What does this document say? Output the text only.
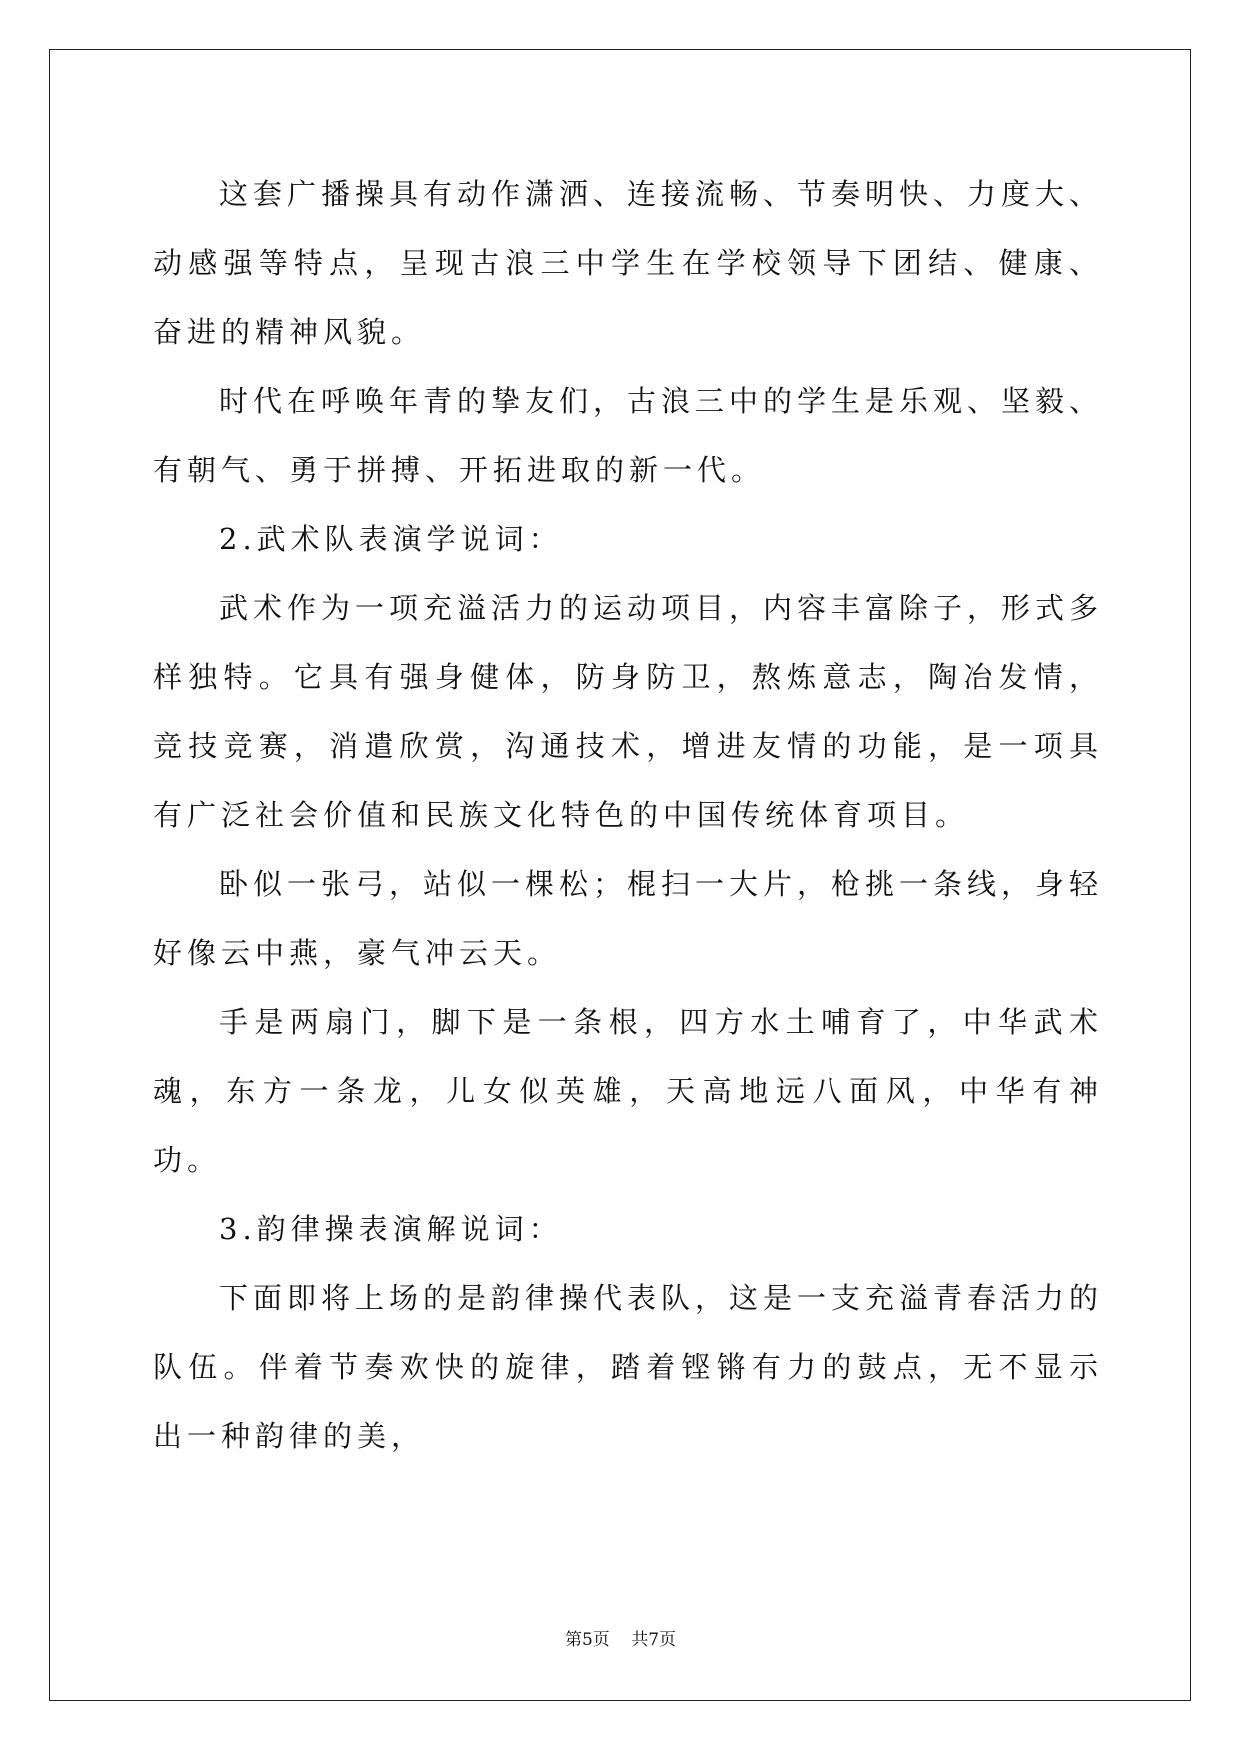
这套广播操具有动作潇洒、连接流畅、节奏明快、力度大、动感强等特点，呈现古浪三中学生在学校领导下团结、健康、奋进的精神风貌。

时代在呼唤年青的挚友们，古浪三中的学生是乐观、坚毅、有朝气、勇于拼搏、开拓进取的新一代。

2.武术队表演学说词：

武术作为一项充溢活力的运动项目，内容丰富除子，形式多样独特。它具有强身健体，防身防卫，熬炼意志，陶冶发情，竞技竞赛，消遣欣赏，沟通技术，增进友情的功能，是一项具有广泛社会价值和民族文化特色的中国传统体育项目。

卧似一张弓，站似一棵松；棍扫一大片，枪挑一条线，身轻好像云中燕，豪气冲云天。

手是两扇门，脚下是一条根，四方水土哺育了，中华武术魂，东方一条龙，儿女似英雄，天高地远八面风，中华有神功。

3.韵律操表演解说词：

下面即将上场的是韵律操代表队，这是一支充溢青春活力的队伍。伴着节奏欢快的旋律，踏着铿锵有力的鼓点，无不显示出一种韵律的美，

第5页 共7页
